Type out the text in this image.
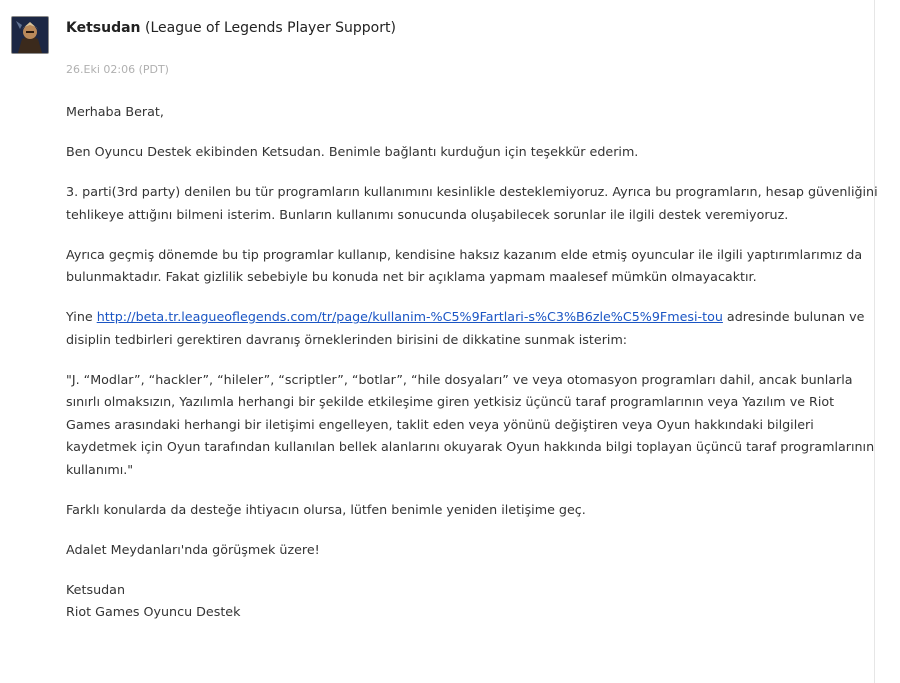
Ketsudan (League of Legends Player Support)
26.Eki 02:06 (PDT)

Merhaba Berat,

Ben Oyuncu Destek ekibinden Ketsudan. Benimle bağlantı kurduğun için teşekkür ederim.

3. parti(3rd party) denilen bu tür programların kullanımını kesinlikle desteklemiyoruz. Ayrıca bu programların, hesap güvenliğini tehlikeye attığını bilmeni isterim. Bunların kullanımı sonucunda oluşabilecek sorunlar ile ilgili destek veremiyoruz.

Ayrıca geçmiş dönemde bu tip programlar kullanıp, kendisine haksız kazanım elde etmiş oyuncular ile ilgili yaptırımlarımız da bulunmaktadır. Fakat gizlilik sebebiyle bu konuda net bir açıklama yapmam maalesef mümkün olmayacaktır.

Yine http://beta.tr.leagueoflegends.com/tr/page/kullanim-%C5%9Fartlari-s%C3%B6zle%C5%9Fmesi-tou adresinde bulunan ve disiplin tedbirleri gerektiren davranış örneklerinden birisini de dikkatine sunmak isterim:

"J. “Modlar”, “hackler”, “hileler”, “scriptler”, “botlar”, “hile dosyaları” ve veya otomasyon programları dahil, ancak bunlarla sınırlı olmaksızın, Yazılımla herhangi bir şekilde etkileşime giren yetkisiz üçüncü taraf programlarının veya Yazılım ve Riot Games arasındaki herhangi bir iletişimi engelleyen, taklit eden veya yönünü değiştiren veya Oyun hakkındaki bilgileri kaydetmek için Oyun tarafından kullanılan bellek alanlarını okuyarak Oyun hakkında bilgi toplayan üçüncü taraf programlarının kullanımı."

Farklı konularda da desteğe ihtiyacın olursa, lütfen benimle yeniden iletişime geç.

Adalet Meydanları'nda görüşmek üzere!

Ketsudan
Riot Games Oyuncu Destek
